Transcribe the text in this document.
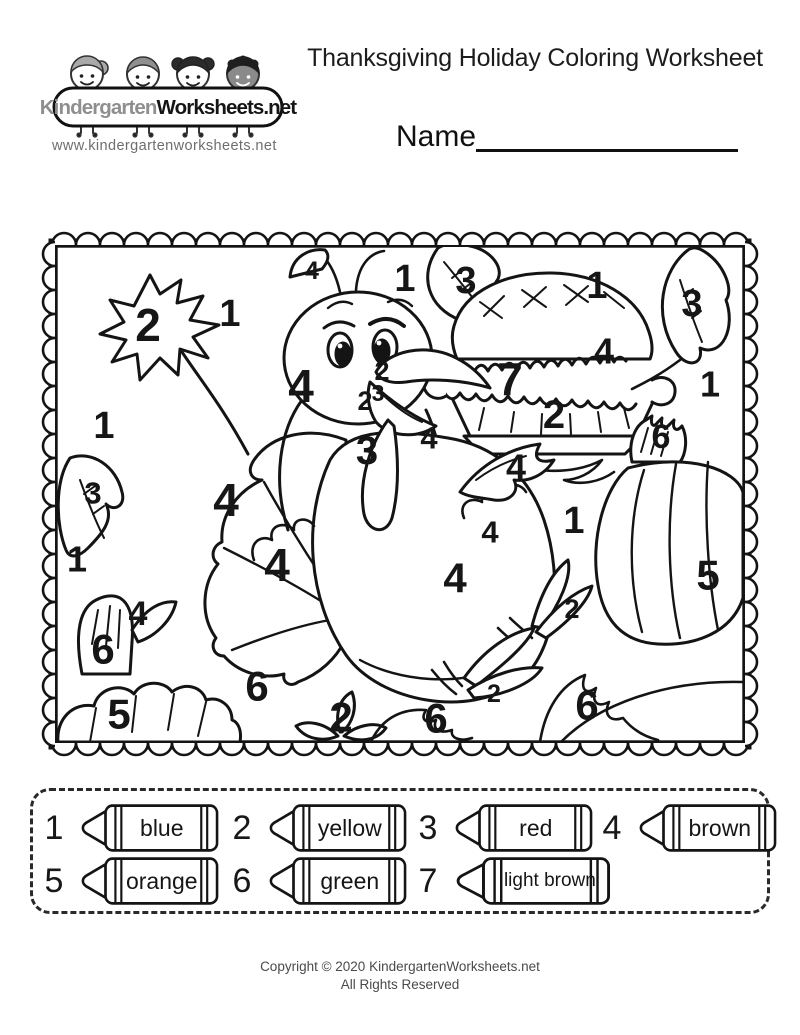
KindergartenWorksheets.net
www.kindergartenworksheets.net
Thanksgiving Holiday Coloring Worksheet
Name
2 1
4 1 3	1 3
4
1
7
2
4 2
2 3
1	6
3 4
4
3 4	1
4
1	4	4
2
5
4
6
2
5
6
2 6	6
1	blue	2	yellow 3	red	4	brown
5	orange 6	green	7	light brown
Copyright © 2020 KindergartenWorksheets.net
All Rights Reserved
